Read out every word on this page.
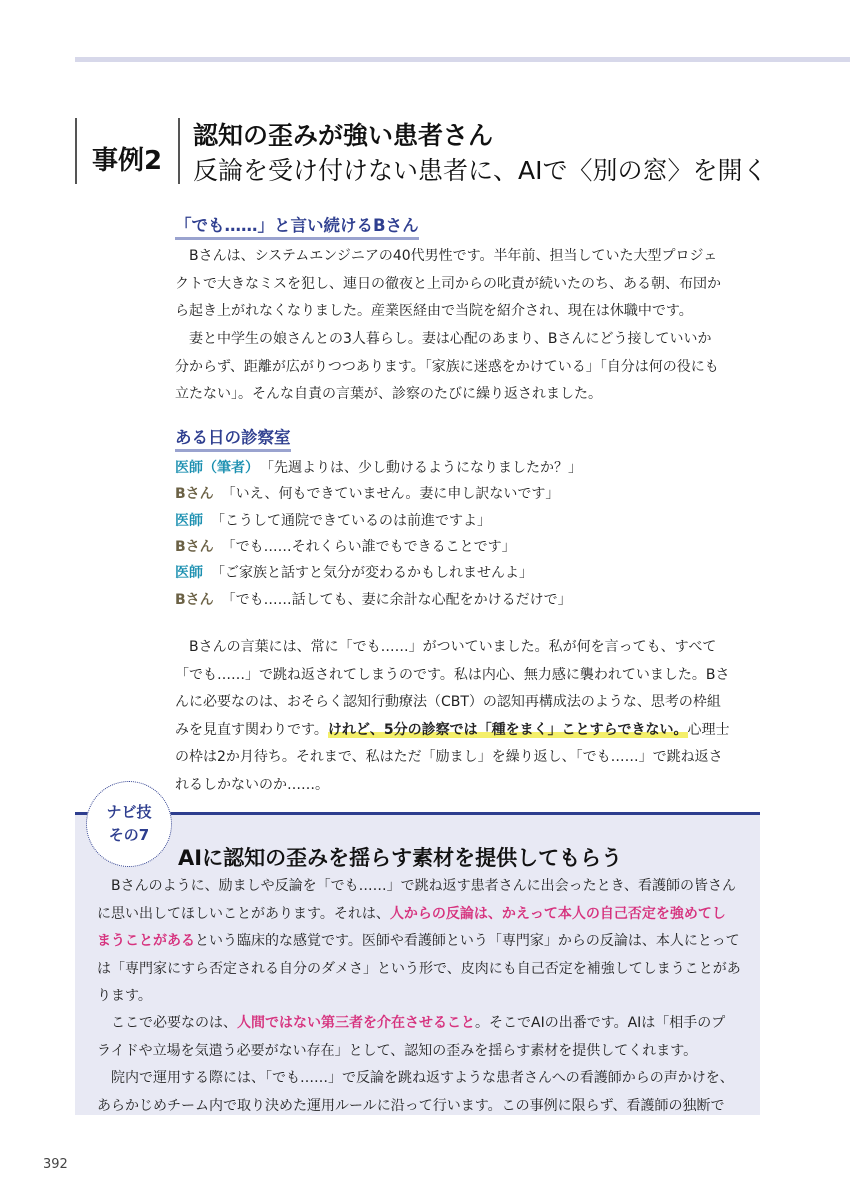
事例2
認知の歪みが強い患者さん
反論を受け付けない患者に、AIで〈別の窓〉を開く
「でも……」と言い続けるBさん
Bさんは、システムエンジニアの40代男性です。半年前、担当していた大型プロジェ
クトで大きなミスを犯し、連日の徹夜と上司からの叱責が続いたのち、ある朝、布団か
ら起き上がれなくなりました。産業医経由で当院を紹介され、現在は休職中です。
妻と中学生の娘さんとの3人暮らし。妻は心配のあまり、Bさんにどう接していいか
分からず、距離が広がりつつあります。「家族に迷惑をかけている」「自分は何の役にも
立たない」。そんな自責の言葉が、診察のたびに繰り返されました。
ある日の診察室
医師（筆者） 「先週よりは、少し動けるようになりましたか？」
Bさん 「いえ、何もできていません。妻に申し訳ないです」
医師 「こうして通院できているのは前進ですよ」
Bさん 「でも……それくらい誰でもできることです」
医師 「ご家族と話すと気分が変わるかもしれませんよ」
Bさん 「でも……話しても、妻に余計な心配をかけるだけで」
Bさんの言葉には、常に「でも……」がついていました。私が何を言っても、すべて
「でも……」で跳ね返されてしまうのです。私は内心、無力感に襲われていました。Bさ
んに必要なのは、おそらく認知行動療法（CBT）の認知再構成法のような、思考の枠組
みを見直す関わりです。けれど、5分の診察では「種をまく」ことすらできない。心理士
の枠は2か月待ち。それまで、私はただ「励まし」を繰り返し、「でも……」で跳ね返さ
れるしかないのか……。
ナビ技
その7
AIに認知の歪みを揺らす素材を提供してもらう
Bさんのように、励ましや反論を「でも……」で跳ね返す患者さんに出会ったとき、看護師の皆さん
に思い出してほしいことがあります。それは、人からの反論は、かえって本人の自己否定を強めてし
まうことがあるという臨床的な感覚です。医師や看護師という「専門家」からの反論は、本人にとって
は「専門家にすら否定される自分のダメさ」という形で、皮肉にも自己否定を補強してしまうことがあ
ります。
ここで必要なのは、人間ではない第三者を介在させること。そこでAIの出番です。AIは「相手のプ
ライドや立場を気遣う必要がない存在」として、認知の歪みを揺らす素材を提供してくれます。
院内で運用する際には、「でも……」で反論を跳ね返すような患者さんへの看護師からの声かけを、
あらかじめチーム内で取り決めた運用ルールに沿って行います。この事例に限らず、看護師の独断で
392
